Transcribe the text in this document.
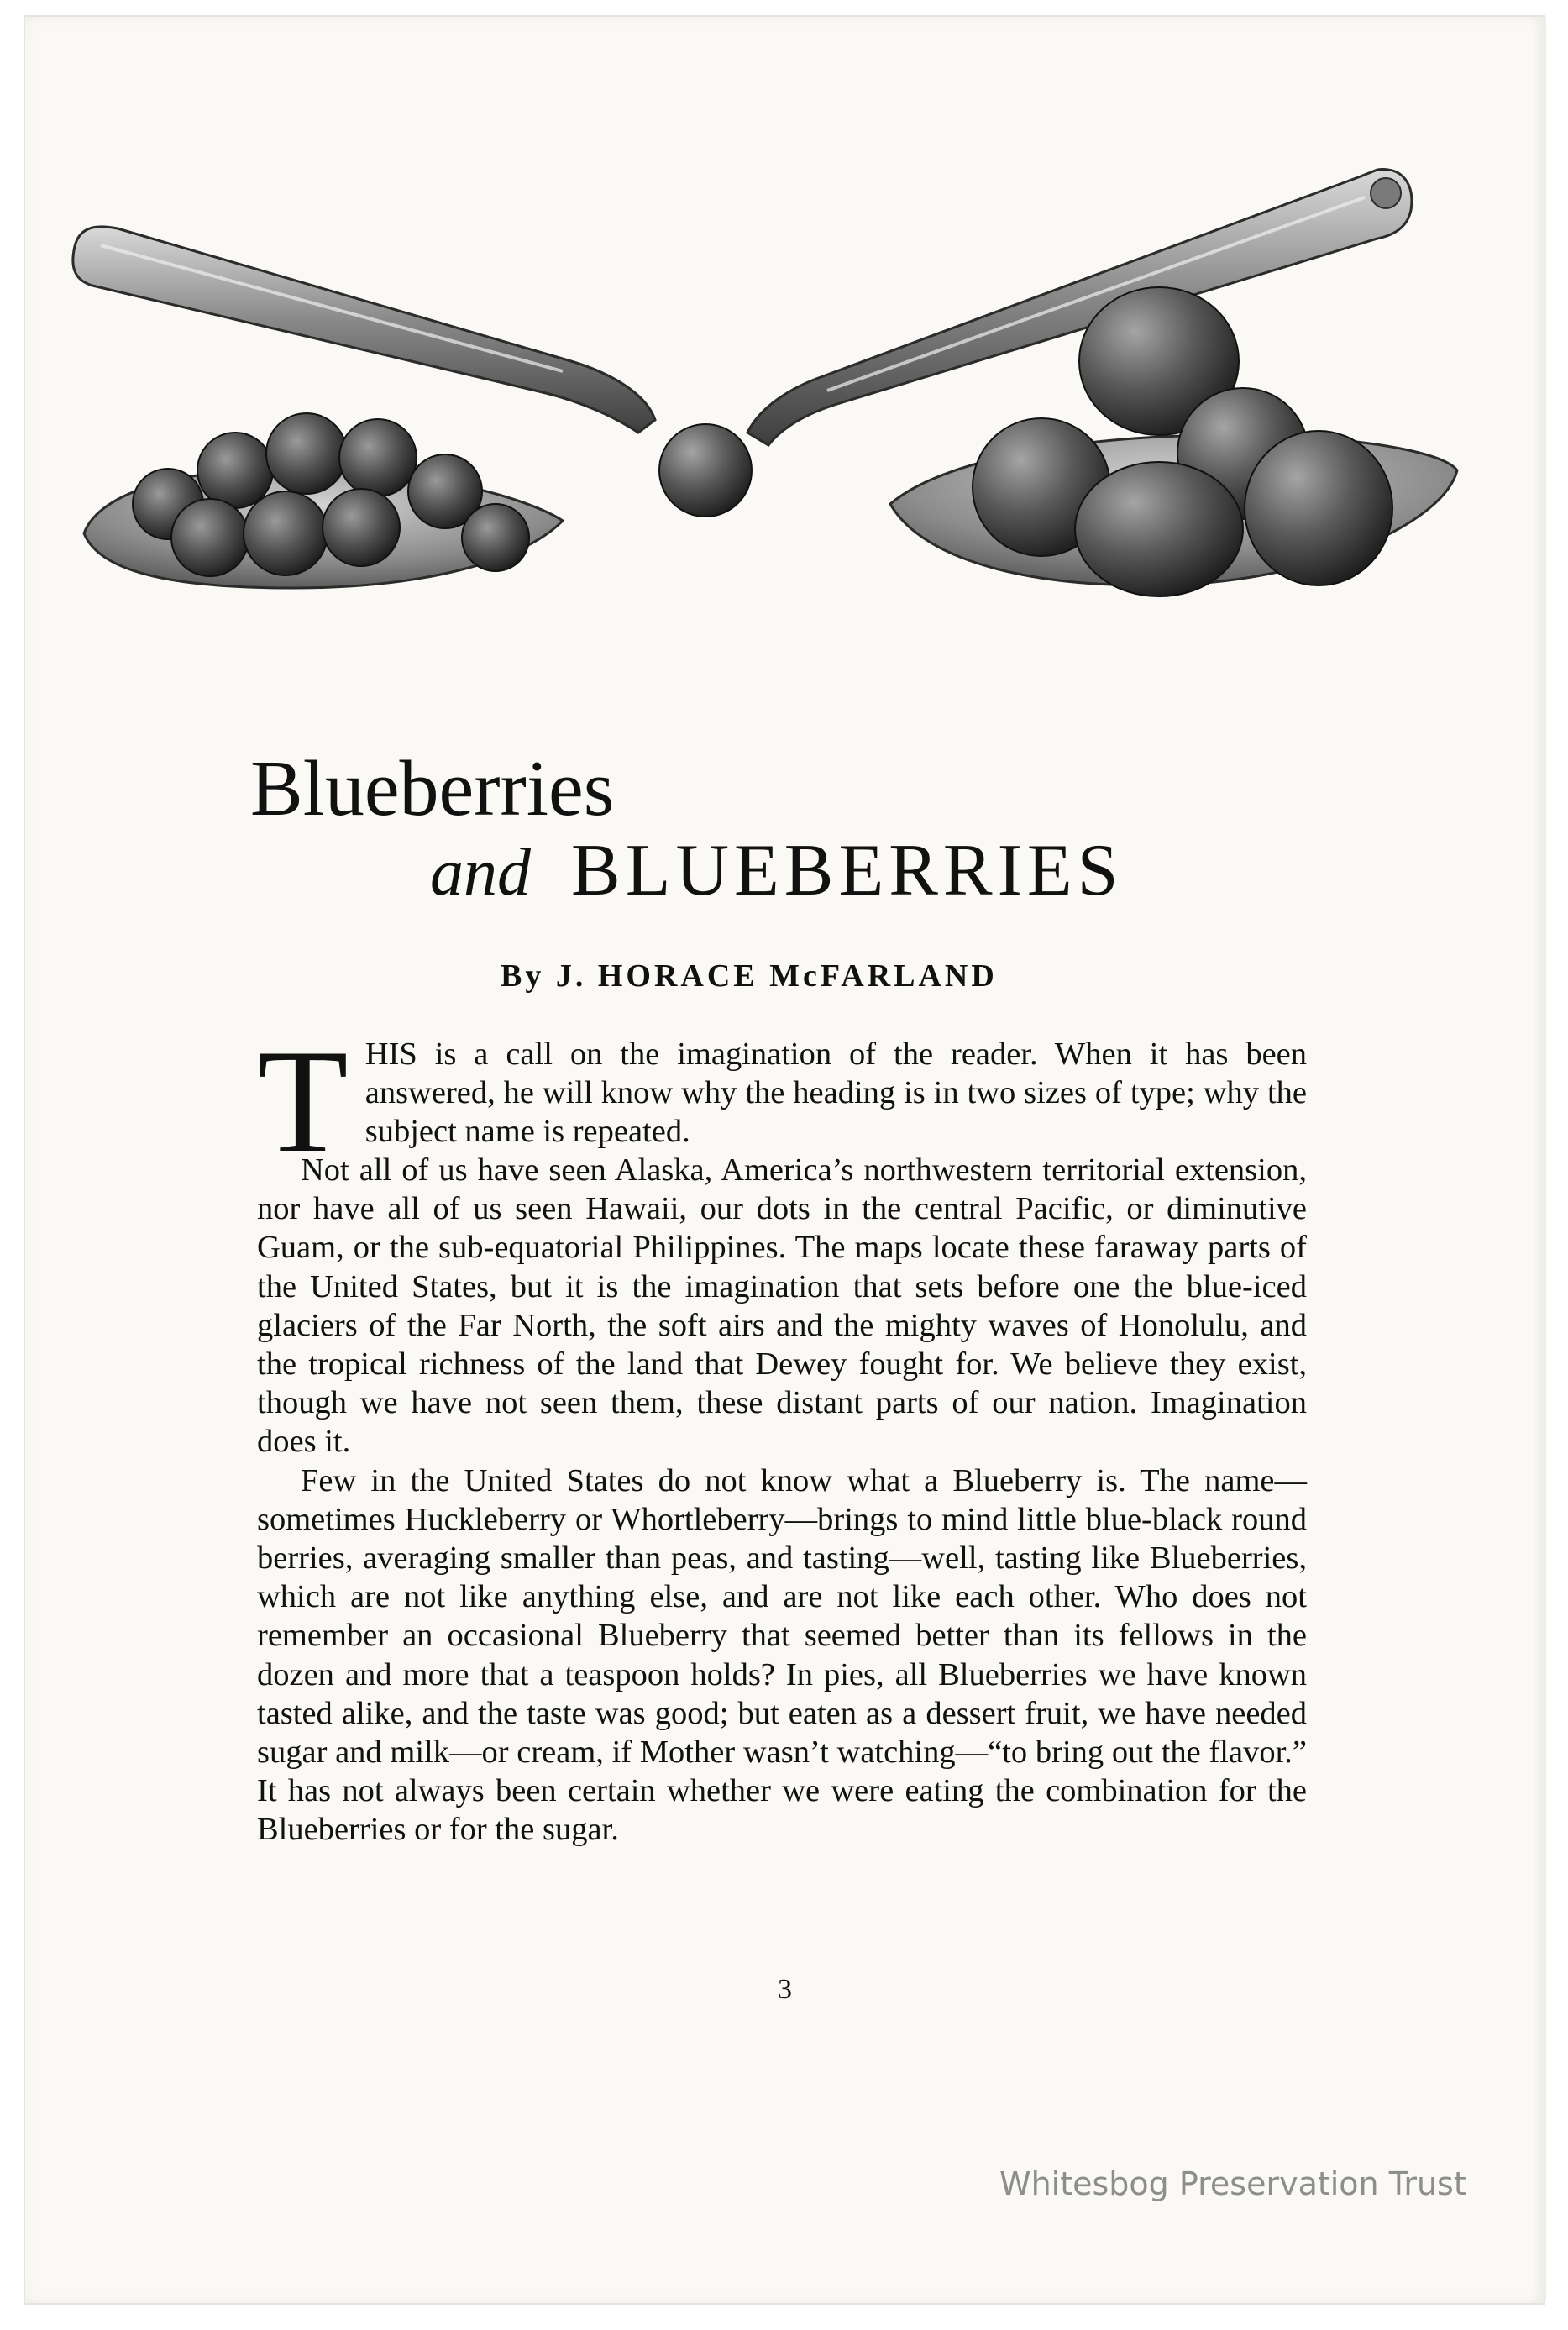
Blueberries
and BLUEBERRIES
By J. HORACE McFARLAND

T HIS is a call on the imagination of the reader. When it has been answered, he will know why the heading is in two sizes of type; why the subject name is repeated.

Not all of us have seen Alaska, America’s northwestern territorial extension, nor have all of us seen Hawaii, our dots in the central Pacific, or diminutive Guam, or the sub-equatorial Philippines. The maps locate these faraway parts of the United States, but it is the imagination that sets before one the blue-iced glaciers of the Far North, the soft airs and the mighty waves of Honolulu, and the tropical richness of the land that Dewey fought for. We believe they exist, though we have not seen them, these distant parts of our nation. Imagination does it.

Few in the United States do not know what a Blueberry is. The name—sometimes Huckleberry or Whortleberry—brings to mind little blue-black round berries, averaging smaller than peas, and tasting—well, tasting like Blueberries, which are not like anything else, and are not like each other. Who does not remember an occasional Blueberry that seemed better than its fellows in the dozen and more that a teaspoon holds? In pies, all Blueberries we have known tasted alike, and the taste was good; but eaten as a dessert fruit, we have needed sugar and milk—or cream, if Mother wasn’t watching—“to bring out the flavor.” It has not always been certain whether we were eating the combination for the Blueberries or for the sugar.

3
Whitesbog Preservation Trust
